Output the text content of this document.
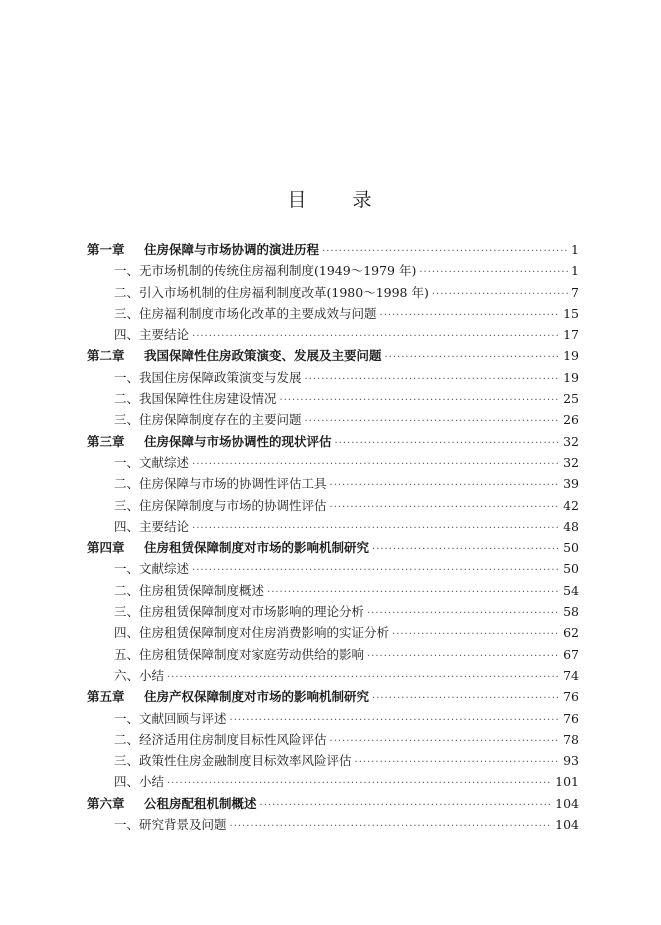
目 录
第一章	住房保障与市场协调的演进历程 ·····	1
一、无市场机制的传统住房福利制度(1949～1979 年) ·····	1
二、引入市场机制的住房福利制度改革(1980～1998 年) ·····	7
三、住房福利制度市场化改革的主要成效与问题 ·····	15
四、主要结论 ·····	17
第二章	我国保障性住房政策演变、发展及主要问题 ·····	19
一、我国住房保障政策演变与发展 ·····	19
二、我国保障性住房建设情况 ·····	25
三、住房保障制度存在的主要问题 ·····	26
第三章	住房保障与市场协调性的现状评估 ·····	32
一、文献综述 ·····	32
二、住房保障与市场的协调性评估工具 ·····	39
三、住房保障制度与市场的协调性评估 ·····	42
四、主要结论 ·····	48
第四章	住房租赁保障制度对市场的影响机制研究 ·····	50
一、文献综述 ·····	50
二、住房租赁保障制度概述 ·····	54
三、住房租赁保障制度对市场影响的理论分析 ·····	58
四、住房租赁保障制度对住房消费影响的实证分析 ·····	62
五、住房租赁保障制度对家庭劳动供给的影响 ·····	67
六、小结 ·····	74
第五章	住房产权保障制度对市场的影响机制研究 ·····	76
一、文献回顾与评述 ·····	76
二、经济适用住房制度目标性风险评估 ·····	78
三、政策性住房金融制度目标效率风险评估 ·····	93
四、小结 ·····	101
第六章	公租房配租机制概述 ·····	104
一、研究背景及问题 ·····	104
